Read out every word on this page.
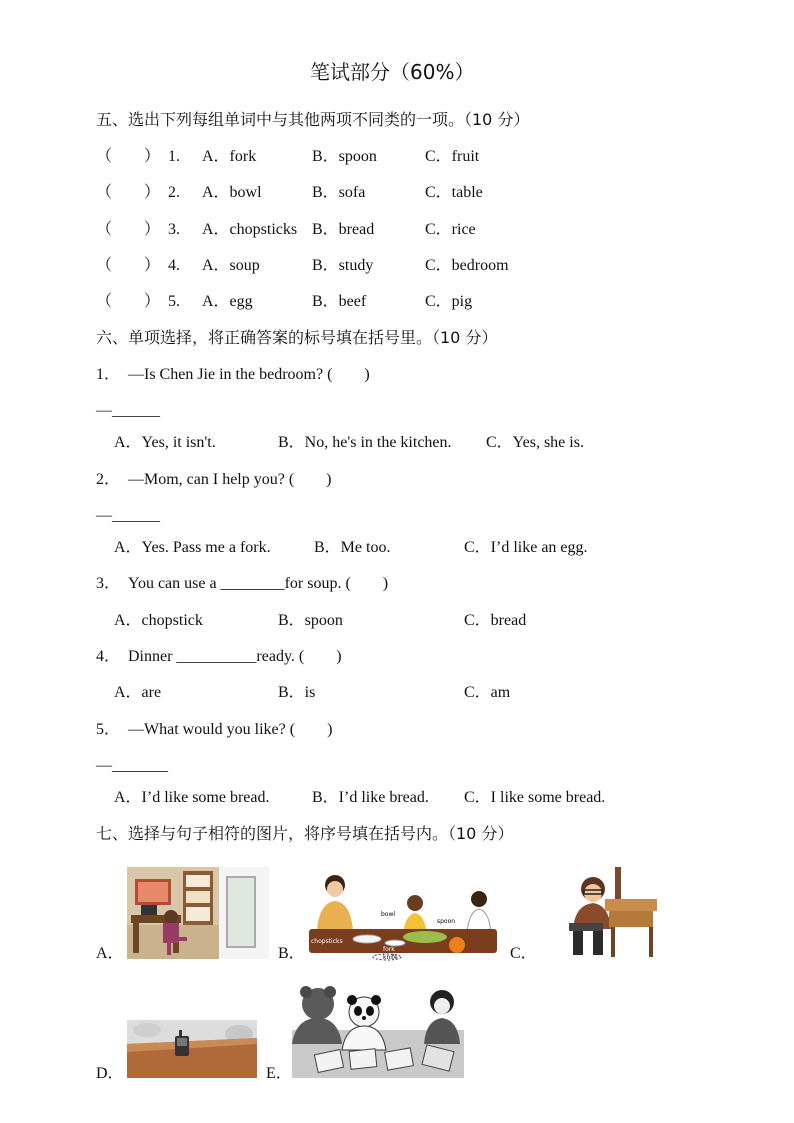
笔试部分（60%）
五、选出下列每组单词中与其他两项不同类的一项。（10 分）
（　　） 1. A．fork	B．spoon	C．fruit
（　　） 2. A．bowl	B．sofa	C．table
（　　） 3. A．chopsticks B．bread	C．rice
（　　） 4. A．soup	B．study	C．bedroom
（　　） 5. A．egg	B．beef	C．pig
六、单项选择，将正确答案的标号填在括号里。（10 分）
1．　—Is Chen Jie in the bedroom? (　　)
—______
A．Yes, it isn't.	B．No, he's in the kitchen. C．Yes, she is.
2．　—Mom, can I help you? (　　)
—______
A．Yes. Pass me a fork.	B．Me too.	C．I’d like an egg.
3．　You can use a ________for soup. (　　)
A．chopstick	B．spoon	C．bread
4．　Dinner __________ready. (　　)
A．are	B．is	C．am
5．　—What would you like? (　　)
—_______
A．I’d like some bread.	B．I’d like bread. C．I like some bread.
七、选择与句子相符的图片，将序号填在括号内。（10 分）
A．	B．	C．
D．	E．
bowl
spoon
chopsticks
fork
knife
